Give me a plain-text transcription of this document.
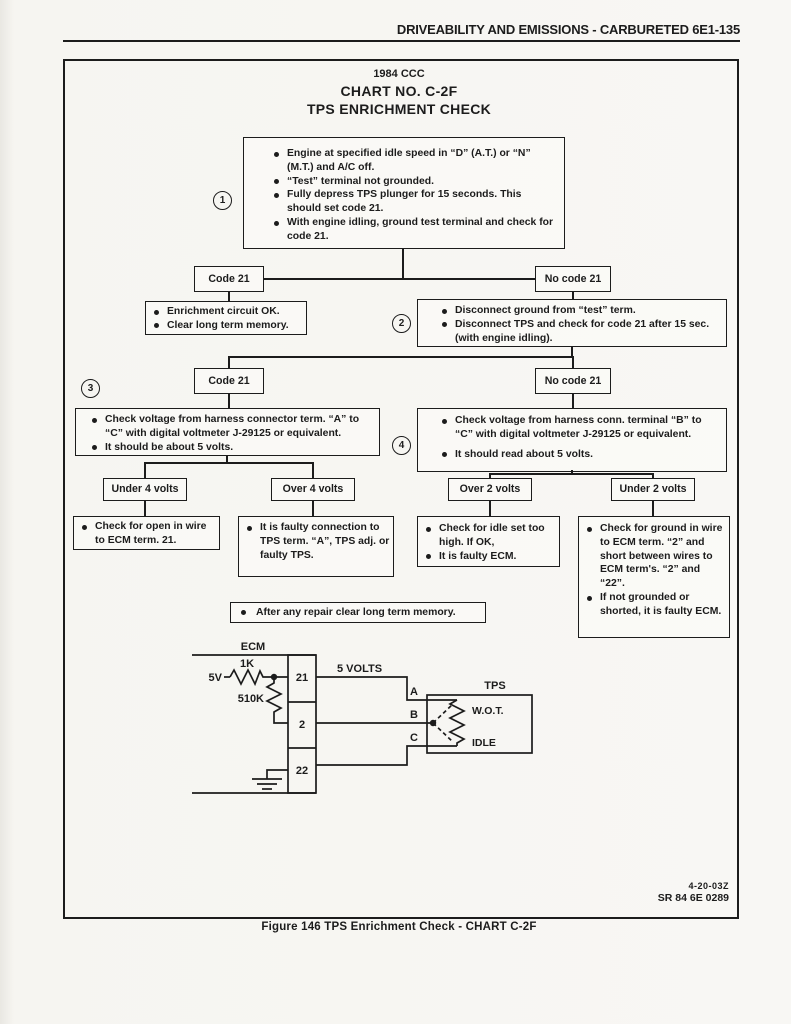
DRIVEABILITY AND EMISSIONS - CARBURETED 6E1-135
1984 CCC
CHART NO. C-2F
TPS ENRICHMENT CHECK
1
Engine at specified idle speed in “D” (A.T.) or “N” (M.T.) and A/C off.
“Test” terminal not grounded.
Fully depress TPS plunger for 15 seconds. This should set code 21.
With engine idling, ground test terminal and check for code 21.
Code 21	No code 21
Enrichment circuit OK.
Clear long term memory.	2
Disconnect ground from “test” term.
Disconnect TPS and check for code 21 after 15 sec. (with engine idling).
Code 21	No code 21
3
Check voltage from harness connector term. “A” to “C” with digital voltmeter J-29125 or equivalent.
It should be about 5 volts.	4
Check voltage from harness conn. terminal “B” to “C” with digital voltmeter J-29125 or equivalent.
It should read about 5 volts.
Under 4 volts	Over 4 volts	Over 2 volts	Under 2 volts
Check for open in wire to ECM term. 21.
It is faulty connection to TPS term. “A”, TPS adj. or faulty TPS.
Check for idle set too high. If OK,
It is faulty ECM.
Check for ground in wire to ECM term. “2” and short between wires to ECM term's. “2” and “22”.
If not grounded or shorted, it is faulty ECM.
After any repair clear long term memory.
ECM
1K
5V
510K
21
2
22
5 VOLTS
A
B
C
TPS
W.O.T.
IDLE
4-20-03Z
SR 84 6E 0289
Figure 146 TPS Enrichment Check - CHART C-2F
